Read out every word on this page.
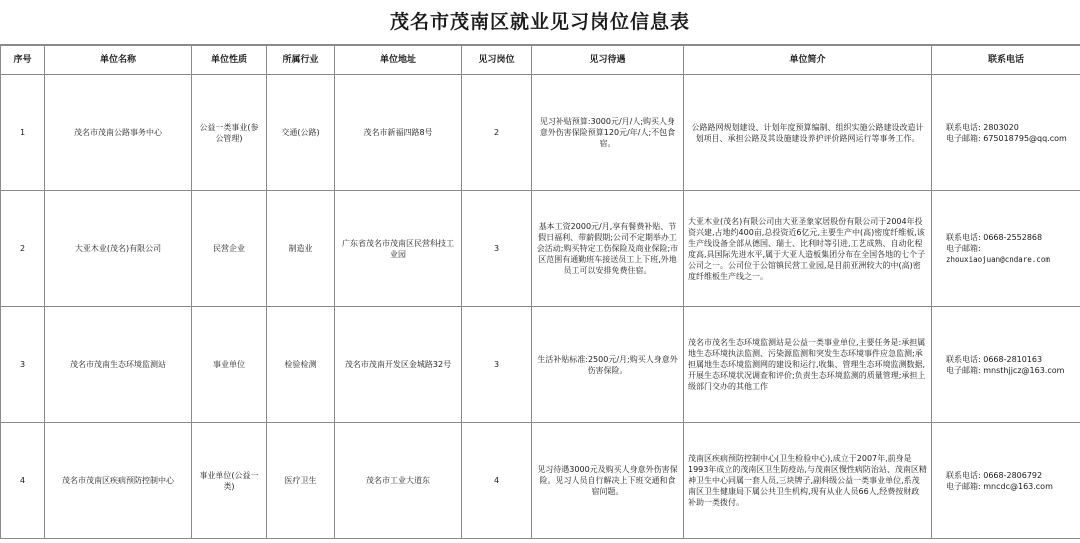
茂名市茂南区就业见习岗位信息表
序号	单位名称	单位性质	所属行业	单位地址	见习岗位	见习待遇	单位简介	联系电话
1	茂名市茂南公路事务中心	公益一类事业(参公管理)	交通(公路)	茂名市新福四路8号	2	见习补贴预算:3000元/月/人;购买人身意外伤害保险预算120元/年/人;不包食宿。	公路路网规划建设、计划年度预算编制、组织实施公路建设改造计划项目、承担公路及其设施建设养护评价路网运行等事务工作。	联系电话: 2803020
电子邮箱: 675018795@qq.com

2	大亚木业(茂名)有限公司	民营企业	制造业	广东省茂名市茂南区民营科技工业园	3	基本工资2000元/月,享有餐费补贴、节假日福利、带薪假期;公司不定期举办工会活动;购买特定工伤保险及商业保险;市区范围有通勤班车接送员工上下班,外地员工可以安排免费住宿。	大亚木业(茂名)有限公司由大亚圣象家居股份有限公司于2004年投资兴建,占地约400亩,总投资近6亿元,主要生产中(高)密度纤维板,该生产线设备全部从德国、瑞士、比利时等引进,工艺成熟、自动化程度高,具国际先进水平,属于大亚人造板集团分布在全国各地的七个子公司之一。公司位于公馆镇民营工业园,是目前亚洲较大的中(高)密度纤维板生产线之一。	联系电话: 0668-2552868
电子邮箱:
zhouxiaojuan@cndare.com

3	茂名市茂南生态环境监测站	事业单位	检验检测	茂名市茂南开发区金城路32号	3	生活补贴标准:2500元/月;购买人身意外伤害保险。	茂名市茂名生态环境监测站是公益一类事业单位,主要任务是:承担属地生态环境执法监测、污染源监测和突发生态环境事件应急监测;承担属地生态环境监测网的建设和运行,收集、管理生态环境监测数据,开展生态环境状况调查和评价;负责生态环境监测的质量管理;承担上级部门交办的其他工作	联系电话: 0668-2810163
电子邮箱: mnsthjjcz@163.com

4	茂名市茂南区疾病预防控制中心	事业单位(公益一类)	医疗卫生	茂名市工业大道东	4	见习待遇3000元及购买人身意外伤害保险。见习人员自行解决上下班交通和食宿问题。	茂南区疾病预防控制中心(卫生检验中心),成立于2007年,前身是1993年成立的茂南区卫生防疫站,与茂南区慢性病防治站、茂南区精神卫生中心同属一套人员,三块牌子,副科级公益一类事业单位,系茂南区卫生健康局下属公共卫生机构,现有从业人员66人,经费按财政补助一类拨付。	联系电话: 0668-2806792
电子邮箱: mncdc@163.com
